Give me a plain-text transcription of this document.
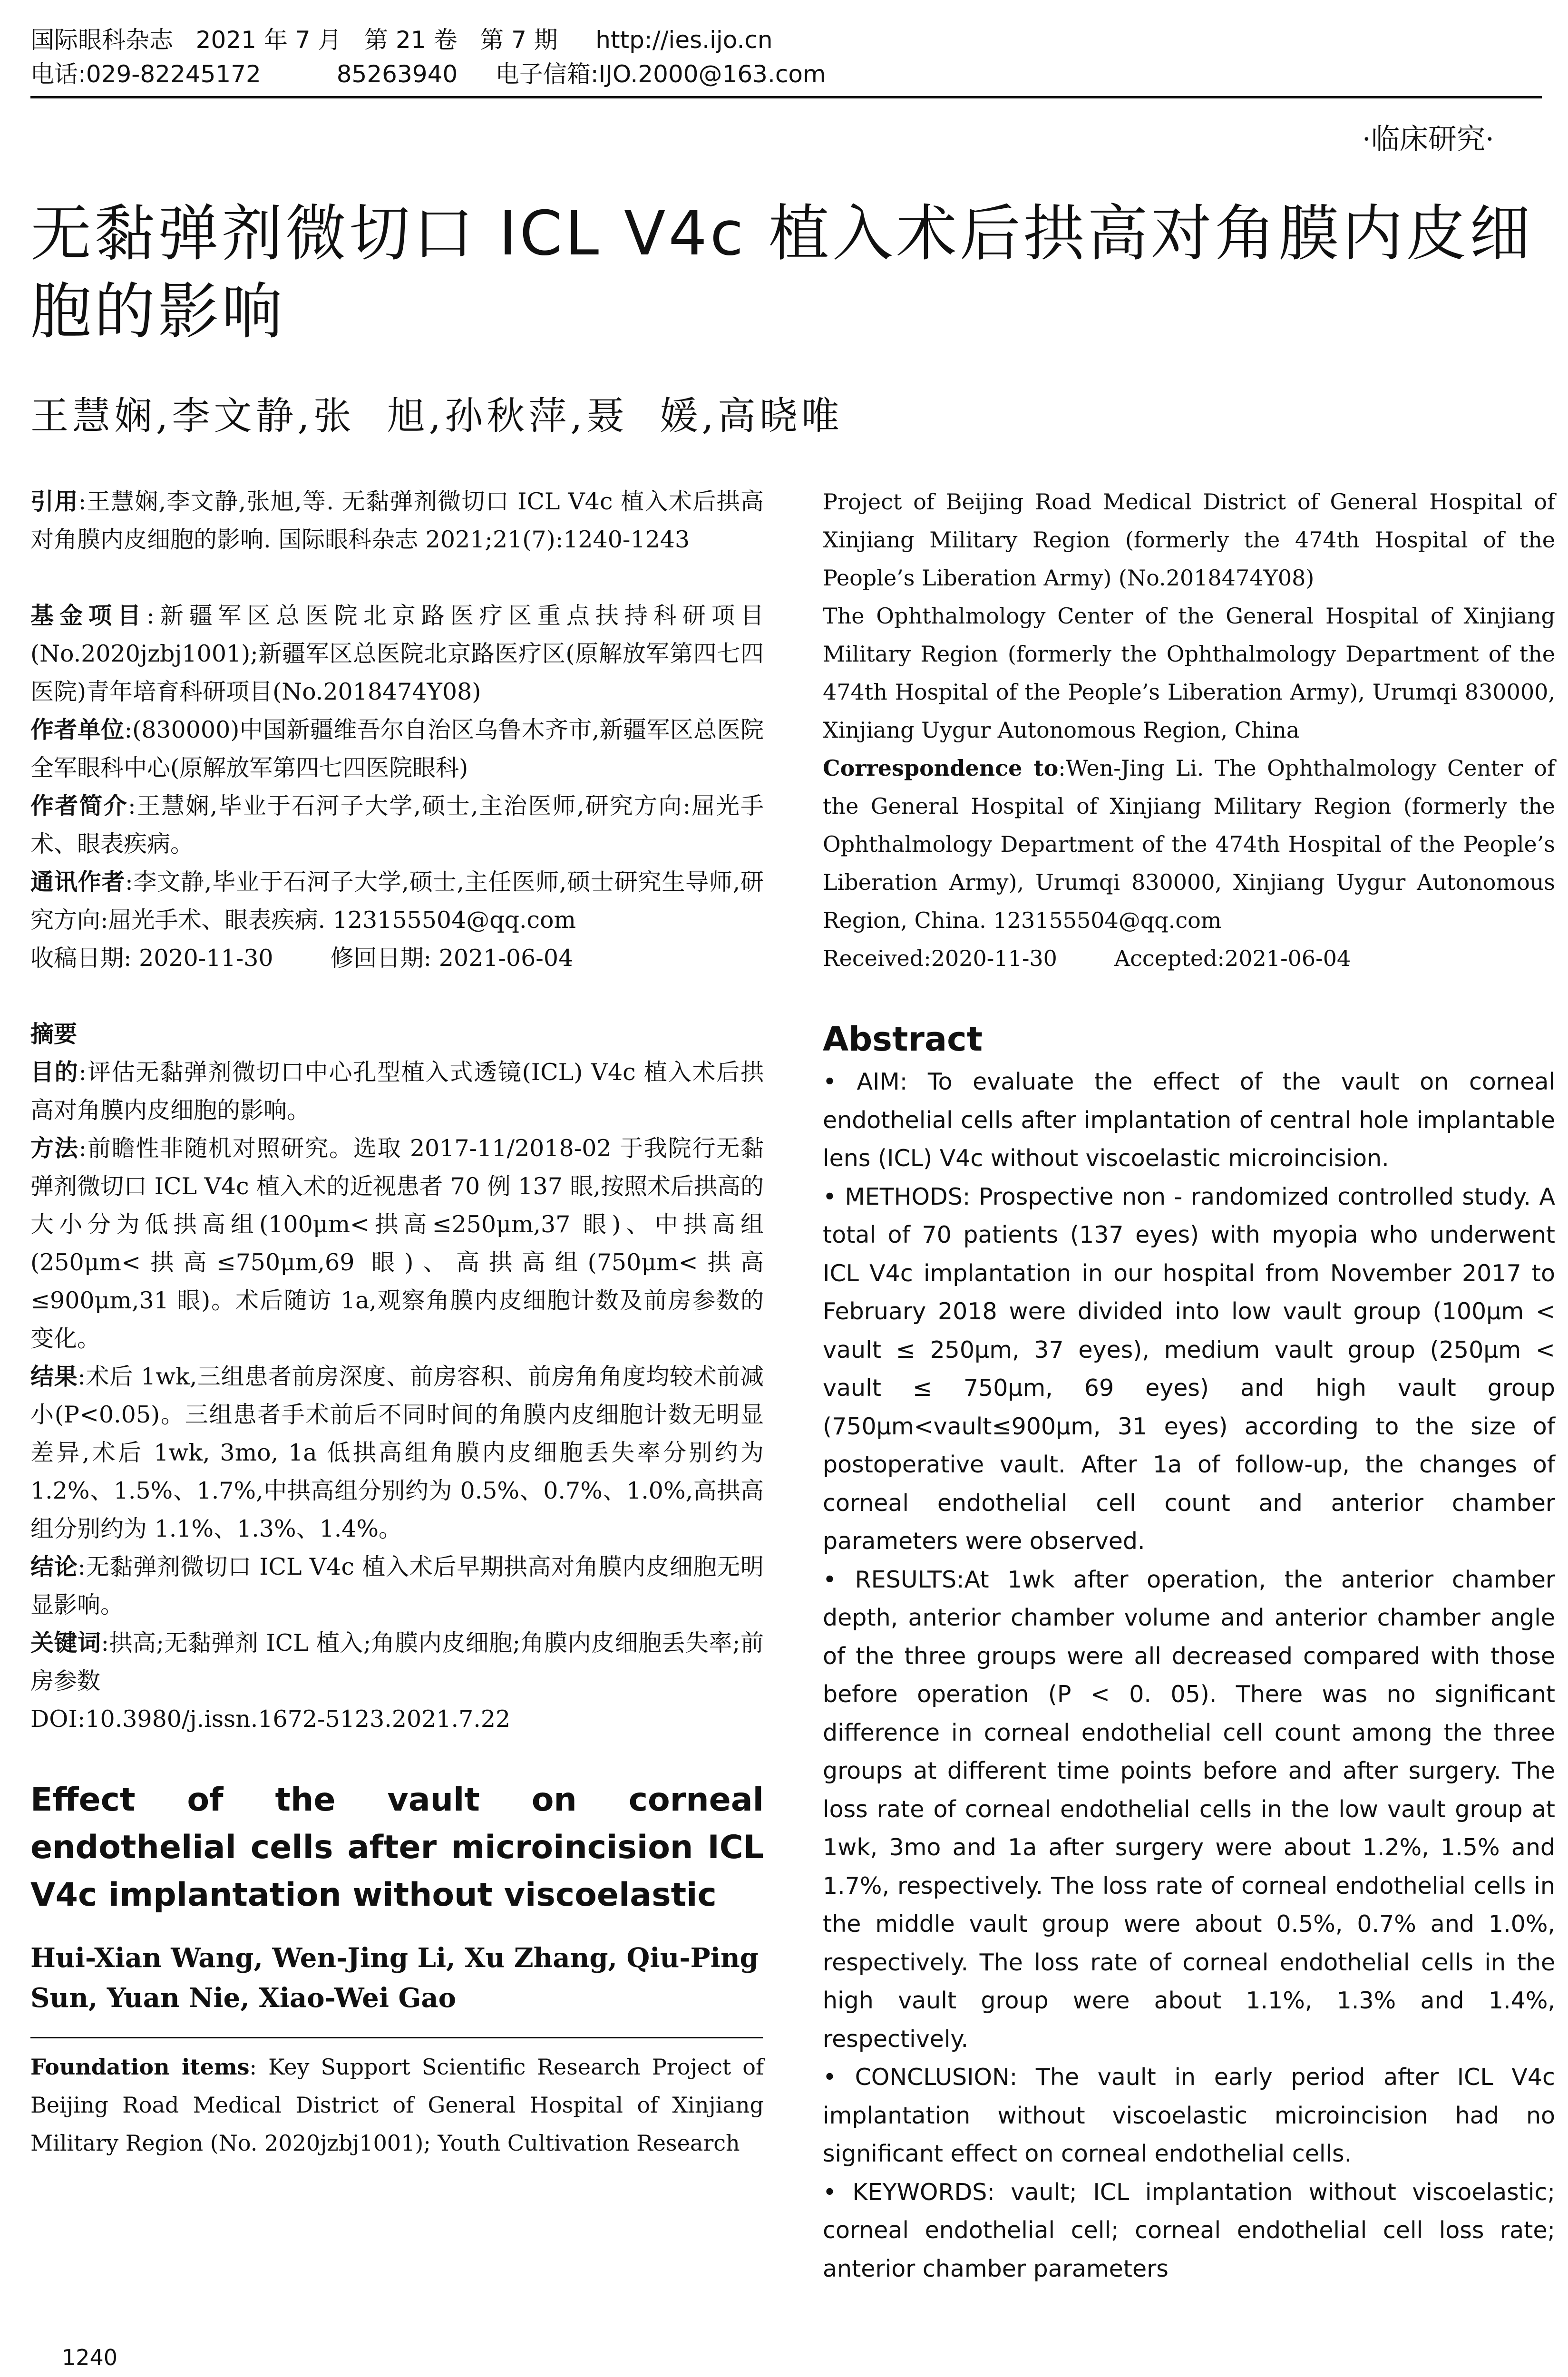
国际眼科杂志   2021 年 7 月   第 21 卷   第 7 期     http://ies.ijo.cn
电话:029-82245172          85263940     电子信箱:IJO.2000@163.com
·临床研究·
无黏弹剂微切口 ICL V4c 植入术后拱高对角膜内皮细胞的影响
王慧娴,李文静,张  旭,孙秋萍,聂  媛,高晓唯

引用:王慧娴,李文静,张旭,等. 无黏弹剂微切口 ICL V4c 植入术后拱高对角膜内皮细胞的影响. 国际眼科杂志 2021;21(7):1240-1243

基金项目:新疆军区总医院北京路医疗区重点扶持科研项目(No.2020jzbj1001);新疆军区总医院北京路医疗区(原解放军第四七四医院)青年培育科研项目(No.2018474Y08)

作者单位:(830000)中国新疆维吾尔自治区乌鲁木齐市,新疆军区总医院全军眼科中心(原解放军第四七四医院眼科)

作者简介:王慧娴,毕业于石河子大学,硕士,主治医师,研究方向:屈光手术、眼表疾病。

通讯作者:李文静,毕业于石河子大学,硕士,主任医师,硕士研究生导师,研究方向:屈光手术、眼表疾病. 123155504@qq.com

收稿日期: 2020-11-30 修回日期: 2021-06-04

摘要

目的:评估无黏弹剂微切口中心孔型植入式透镜(ICL) V4c 植入术后拱高对角膜内皮细胞的影响。

方法:前瞻性非随机对照研究。选取 2017-11/2018-02 于我院行无黏弹剂微切口 ICL V4c 植入术的近视患者 70 例 137 眼,按照术后拱高的大小分为低拱高组(100μm<拱高≤250μm,37 眼)、中拱高组(250μm<拱高≤750μm,69 眼)、高拱高组(750μm<拱高≤900μm,31 眼)。术后随访 1a,观察角膜内皮细胞计数及前房参数的变化。

结果:术后 1wk,三组患者前房深度、前房容积、前房角角度均较术前减小(P<0.05)。三组患者手术前后不同时间的角膜内皮细胞计数无明显差异,术后 1wk, 3mo, 1a 低拱高组角膜内皮细胞丢失率分别约为 1.2%、1.5%、1.7%,中拱高组分别约为 0.5%、0.7%、1.0%,高拱高组分别约为 1.1%、1.3%、1.4%。

结论:无黏弹剂微切口 ICL V4c 植入术后早期拱高对角膜内皮细胞无明显影响。

关键词:拱高;无黏弹剂 ICL 植入;角膜内皮细胞;角膜内皮细胞丢失率;前房参数

DOI:10.3980/j.issn.1672-5123.2021.7.22

Effect of the vault on corneal endothelial cells after microincision ICL V4c implantation without viscoelastic

Hui-Xian Wang, Wen-Jing Li, Xu Zhang, Qiu-Ping Sun, Yuan Nie, Xiao-Wei Gao

Foundation items: Key Support Scientific Research Project of Beijing Road Medical District of General Hospital of Xinjiang Military Region (No. 2020jzbj1001); Youth Cultivation Research

Project of Beijing Road Medical District of General Hospital of Xinjiang Military Region (formerly the 474th Hospital of the People’s Liberation Army) (No.2018474Y08)

The Ophthalmology Center of the General Hospital of Xinjiang Military Region (formerly the Ophthalmology Department of the 474th Hospital of the People’s Liberation Army), Urumqi 830000, Xinjiang Uygur Autonomous Region, China

Correspondence to:Wen-Jing Li. The Ophthalmology Center of the General Hospital of Xinjiang Military Region (formerly the Ophthalmology Department of the 474th Hospital of the People’s Liberation Army), Urumqi 830000, Xinjiang Uygur Autonomous Region, China. 123155504@qq.com

Received:2020-11-30	Accepted:2021-06-04

Abstract

• AIM: To evaluate the effect of the vault on corneal endothelial cells after implantation of central hole implantable lens (ICL) V4c without viscoelastic microincision.

• METHODS: Prospective non - randomized controlled study. A total of 70 patients (137 eyes) with myopia who underwent ICL V4c implantation in our hospital from November 2017 to February 2018 were divided into low vault group (100μm < vault ≤ 250μm, 37 eyes), medium vault group (250μm < vault ≤ 750μm, 69 eyes) and high vault group (750μm<vault≤900μm, 31 eyes) according to the size of postoperative vault. After 1a of follow-up, the changes of corneal endothelial cell count and anterior chamber parameters were observed.

• RESULTS:At 1wk after operation, the anterior chamber depth, anterior chamber volume and anterior chamber angle of the three groups were all decreased compared with those before operation (P < 0. 05). There was no significant difference in corneal endothelial cell count among the three groups at different time points before and after surgery. The loss rate of corneal endothelial cells in the low vault group at 1wk, 3mo and 1a after surgery were about 1.2%, 1.5% and 1.7%, respectively. The loss rate of corneal endothelial cells in the middle vault group were about 0.5%, 0.7% and 1.0%, respectively. The loss rate of corneal endothelial cells in the high vault group were about 1.1%, 1.3% and 1.4%, respectively.

• CONCLUSION: The vault in early period after ICL V4c implantation without viscoelastic microincision had no significant effect on corneal endothelial cells.

• KEYWORDS: vault; ICL implantation without viscoelastic; corneal endothelial cell; corneal endothelial cell loss rate; anterior chamber parameters

1240
